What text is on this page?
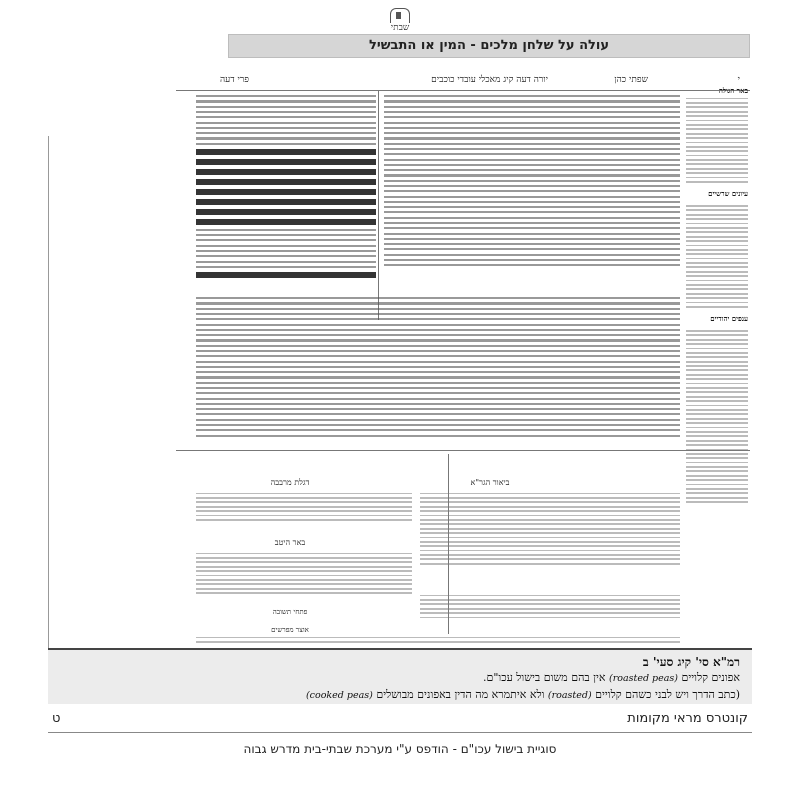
שבתי
עולה על שלחן מלכים - המין או התבשיל
י
שפתי כהן
יורה דעה קיג מאכלי עובדי כוכבים
פרי דעה
באר הגולה
עיונים שרשיים
ענפים יהודיים
ביאור הגר"א
דגלת מרבבה
באר היטב
פתחי תשובה
אוצר מפרשים
רמ"א סי' קיג סעי' ב
אפונים קלויים (roasted peas) אין בהם משום בישול עכו"ם.
(כתב הדרך ויש לבני כשהם קלויים (roasted) ולא איתמרא מה הדין באפונים מבושלים (cooked peas)
קונטרס מראי מקומות
ט
סוגיית בישול עכו"ם - הודפס ע"י מערכת שבתי-בית מדרש גבוה
